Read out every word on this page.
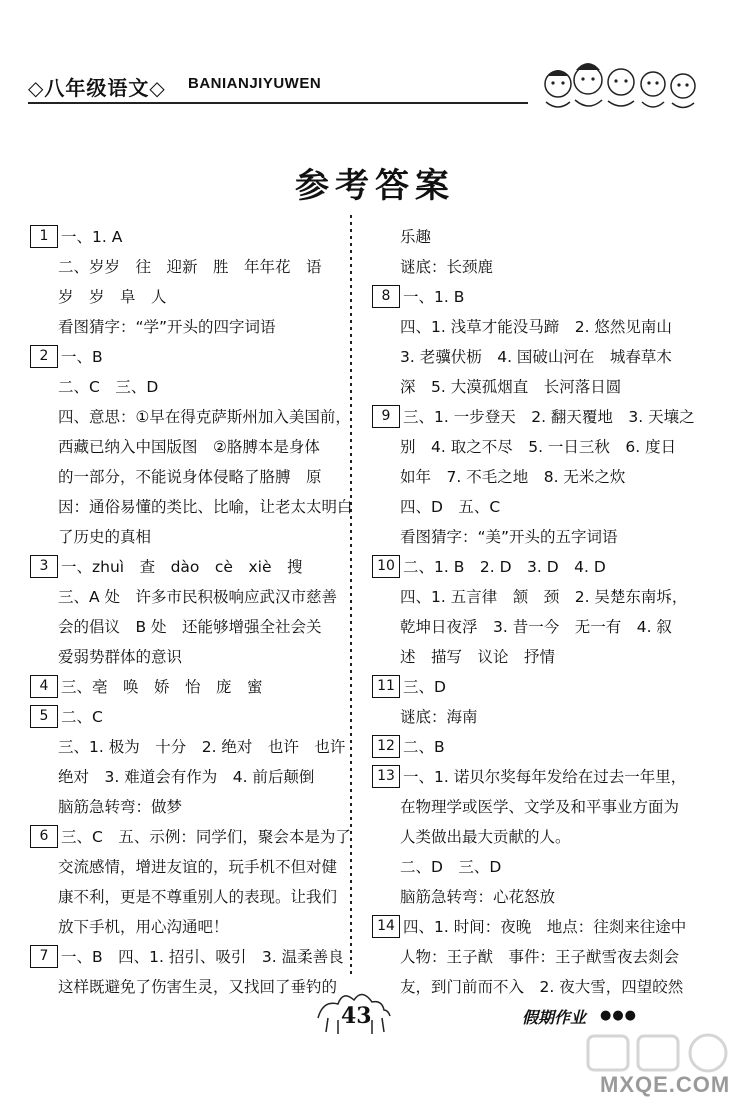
◇八年级语文◇ BANIANJIYUWEN
参考答案
1 一、1. A
二、岁岁　往　迎新　胜　年年花　语
岁　岁　阜　人
看图猜字：“学”开头的四字词语
2 一、B
二、C　三、D
四、意思：①早在得克萨斯州加入美国前，
西藏已纳入中国版图　②胳膊本是身体
的一部分，不能说身体侵略了胳膊　原
因：通俗易懂的类比、比喻，让老太太明白
了历史的真相
3 一、zhuì　查　dào　cè　xiè　搜
三、A 处　许多市民积极响应武汉市慈善
会的倡议　B 处　还能够增强全社会关
爱弱势群体的意识
4 三、亳　唤　娇　怡　庞　蜜
5 二、C
三、1. 极为　十分　2. 绝对　也许　也许
绝对　3. 难道会有作为　4. 前后颠倒
脑筋急转弯：做梦
6 三、C　五、示例：同学们，聚会本是为了
交流感情，增进友谊的，玩手机不但对健
康不利，更是不尊重别人的表现。让我们
放下手机，用心沟通吧！
7 一、B　四、1. 招引、吸引　3. 温柔善良
这样既避免了伤害生灵，又找回了垂钓的
乐趣
谜底：长颈鹿
8 一、1. B
四、1. 浅草才能没马蹄　2. 悠然见南山
3. 老骥伏枥　4. 国破山河在　城春草木
深　5. 大漠孤烟直　长河落日圆
9 三、1. 一步登天　2. 翻天覆地　3. 天壤之
别　4. 取之不尽　5. 一日三秋　6. 度日
如年　7. 不毛之地　8. 无米之炊
四、D　五、C
看图猜字：“美”开头的五字词语
10 二、1. B　2. D　3. D　4. D
四、1. 五言律　颔　颈　2. 吴楚东南坼，
乾坤日夜浮　3. 昔一今　无一有　4. 叙
述　描写　议论　抒情
11 三、D
谜底：海南
12 二、B
13 一、1. 诺贝尔奖每年发给在过去一年里，
在物理学或医学、文学及和平事业方面为
人类做出最大贡献的人。
二、D　三、D
脑筋急转弯：心花怒放
14 四、1. 时间：夜晚　地点：往剡来往途中
人物：王子猷　事件：王子猷雪夜去剡会
友，到门前而不入　2. 夜大雪，四望皎然
43	假期作业 ●●●
MXQE.COM
